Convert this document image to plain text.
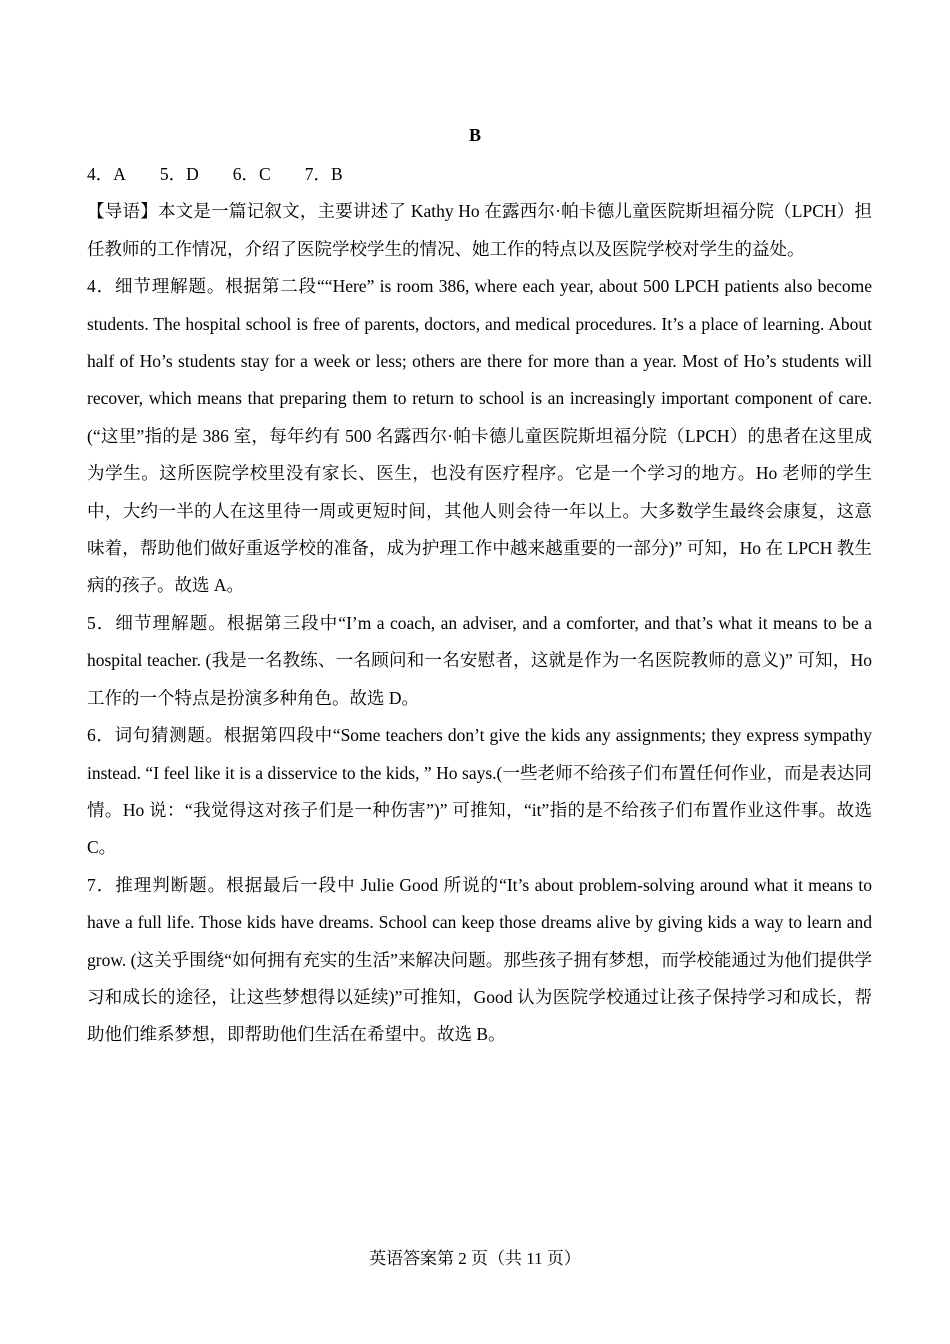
B

4．A 5．D 6．C 7．B

【导语】本文是一篇记叙文，主要讲述了 Kathy Ho 在露西尔·帕卡德儿童医院斯坦福分院（LPCH）担任教师的工作情况，介绍了医院学校学生的情况、她工作的特点以及医院学校对学生的益处。

4．细节理解题。根据第二段““Here” is room 386, where each year, about 500 LPCH patients also become students. The hospital school is free of parents, doctors, and medical procedures. It’s a place of learning. About half of Ho’s students stay for a week or less; others are there for more than a year. Most of Ho’s students will recover, which means that preparing them to return to school is an increasingly important component of care.(“这里”指的是 386 室，每年约有 500 名露西尔·帕卡德儿童医院斯坦福分院（LPCH）的患者在这里成为学生。这所医院学校里没有家长、医生，也没有医疗程序。它是一个学习的地方。Ho 老师的学生中，大约一半的人在这里待一周或更短时间，其他人则会待一年以上。大多数学生最终会康复，这意味着，帮助他们做好重返学校的准备，成为护理工作中越来越重要的一部分)” 可知，Ho 在 LPCH 教生病的孩子。故选 A。

5．细节理解题。根据第三段中“I’m a coach, an adviser, and a comforter, and that’s what it means to be a hospital teacher. (我是一名教练、一名顾问和一名安慰者，这就是作为一名医院教师的意义)” 可知，Ho 工作的一个特点是扮演多种角色。故选 D。

6．词句猜测题。根据第四段中“Some teachers don’t give the kids any assignments; they express sympathy instead. “I feel like it is a disservice to the kids, ” Ho says.(一些老师不给孩子们布置任何作业，而是表达同情。Ho 说：“我觉得这对孩子们是一种伤害”)” 可推知，“it”指的是不给孩子们布置作业这件事。故选 C。

7．推理判断题。根据最后一段中 Julie Good 所说的“It’s about problem-solving around what it means to have a full life. Those kids have dreams. School can keep those dreams alive by giving kids a way to learn and grow. (这关乎围绕“如何拥有充实的生活”来解决问题。那些孩子拥有梦想，而学校能通过为他们提供学习和成长的途径，让这些梦想得以延续)”可推知，Good 认为医院学校通过让孩子保持学习和成长，帮助他们维系梦想，即帮助他们生活在希望中。故选 B。

英语答案第 2 页（共 11 页）
